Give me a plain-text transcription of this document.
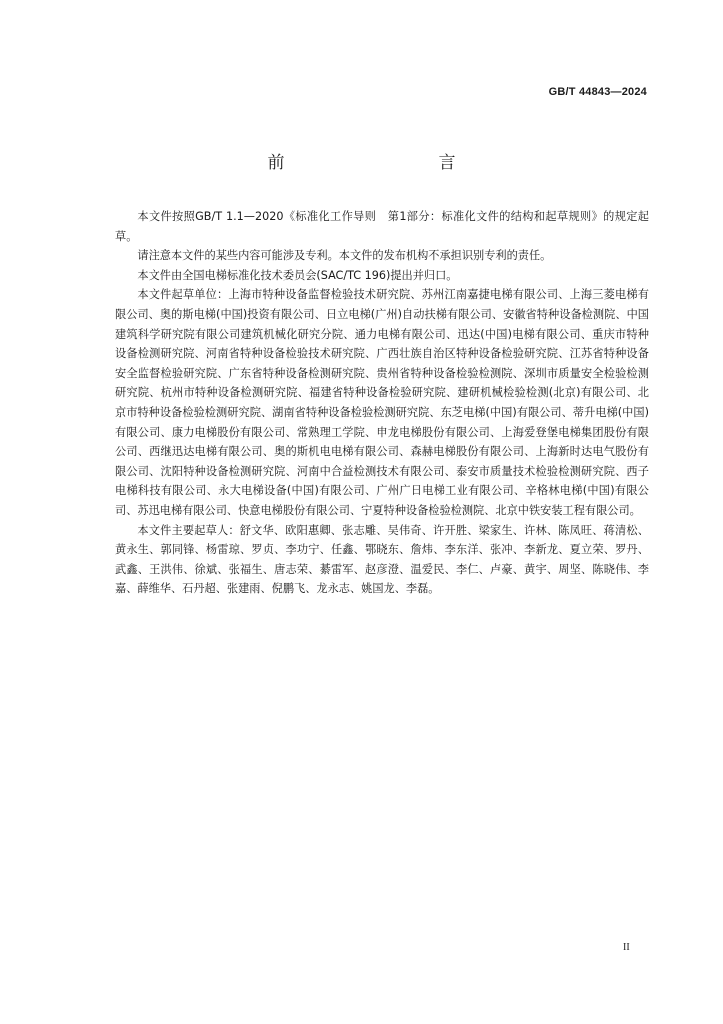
GB/T 44843—2024
前　　言

本文件按照GB/T 1.1—2020《标准化工作导则　第1部分：标准化文件的结构和起草规则》的规定起草。

请注意本文件的某些内容可能涉及专利。本文件的发布机构不承担识别专利的责任。

本文件由全国电梯标准化技术委员会(SAC/TC 196)提出并归口。

本文件起草单位：上海市特种设备监督检验技术研究院、苏州江南嘉捷电梯有限公司、上海三菱电梯有限公司、奥的斯电梯(中国)投资有限公司、日立电梯(广州)自动扶梯有限公司、安徽省特种设备检测院、中国建筑科学研究院有限公司建筑机械化研究分院、通力电梯有限公司、迅达(中国)电梯有限公司、重庆市特种设备检测研究院、河南省特种设备检验技术研究院、广西壮族自治区特种设备检验研究院、江苏省特种设备安全监督检验研究院、广东省特种设备检测研究院、贵州省特种设备检验检测院、深圳市质量安全检验检测研究院、杭州市特种设备检测研究院、福建省特种设备检验研究院、建研机械检验检测(北京)有限公司、北京市特种设备检验检测研究院、湖南省特种设备检验检测研究院、东芝电梯(中国)有限公司、蒂升电梯(中国)有限公司、康力电梯股份有限公司、常熟理工学院、申龙电梯股份有限公司、上海爱登堡电梯集团股份有限公司、西继迅达电梯有限公司、奥的斯机电电梯有限公司、森赫电梯股份有限公司、上海新时达电气股份有限公司、沈阳特种设备检测研究院、河南中合益检测技术有限公司、泰安市质量技术检验检测研究院、西子电梯科技有限公司、永大电梯设备(中国)有限公司、广州广日电梯工业有限公司、辛格林电梯(中国)有限公司、苏迅电梯有限公司、快意电梯股份有限公司、宁夏特种设备检验检测院、北京中铁安装工程有限公司。

本文件主要起草人：舒文华、欧阳惠卿、张志雕、吴伟奇、许开胜、梁家生、许林、陈凤旺、蒋清松、黄永生、郭同锋、杨雷琼、罗贞、李功宁、任鑫、鄂晓东、詹炜、李东洋、张冲、李新龙、夏立荣、罗丹、武鑫、王洪伟、徐斌、张福生、唐志荣、綦雷军、赵彦澄、温爱民、李仁、卢豪、黄宇、周坚、陈晓伟、李嘉、薛维华、石丹超、张建雨、倪鹏飞、龙永志、姚国龙、李磊。

II
